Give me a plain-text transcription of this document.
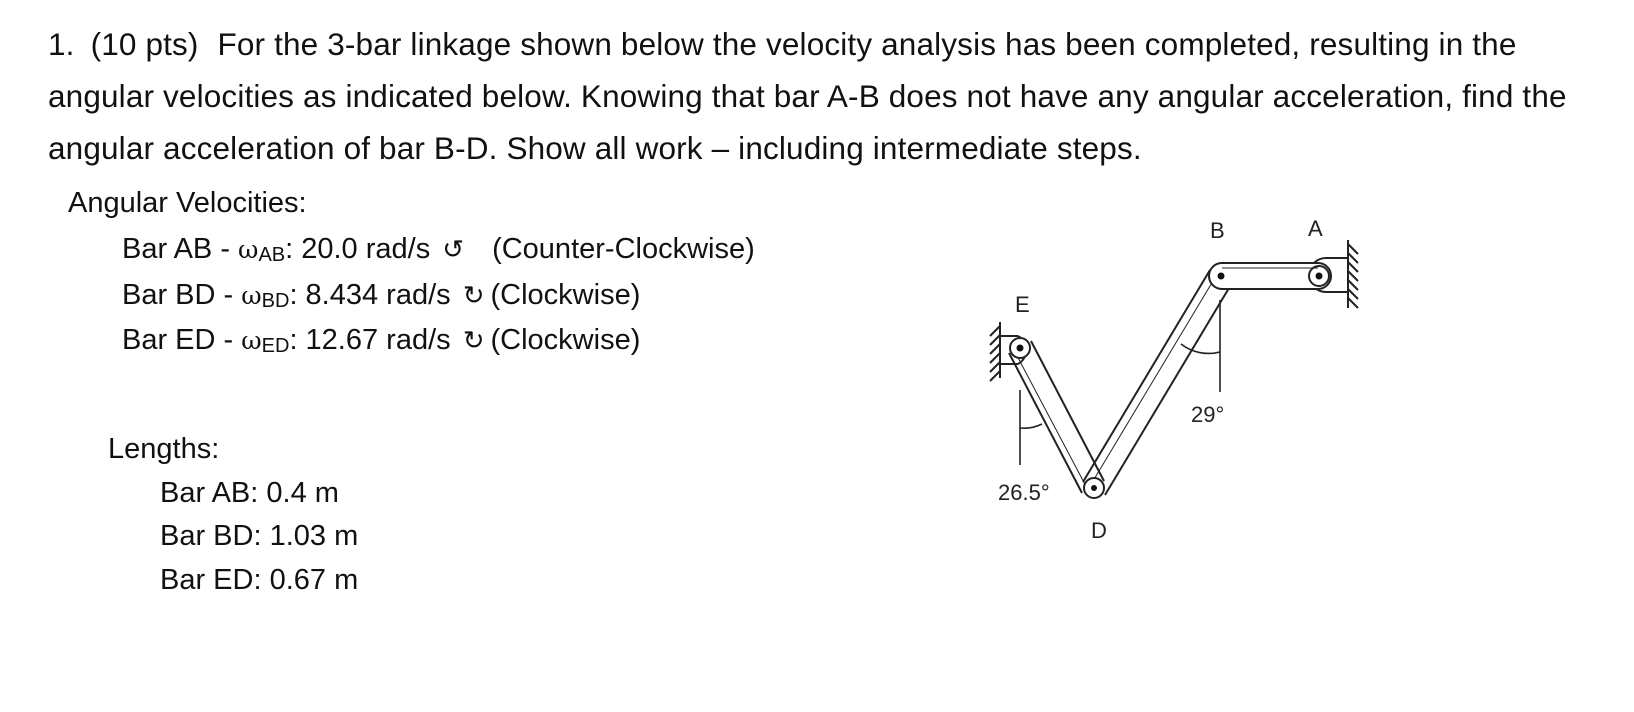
1. (10 pts) For the 3-bar linkage shown below the velocity analysis has been completed, resulting in the angular velocities as indicated below. Knowing that bar A-B does not have any angular acceleration, find the angular acceleration of bar B-D. Show all work – including intermediate steps.
Angular Velocities:
Bar AB - ωAB: 20.0 rad/s ↺ (Counter-Clockwise)
Bar BD - ωBD: 8.434 rad/s ↻ (Clockwise)
Bar ED - ωED: 12.67 rad/s ↻ (Clockwise)
Lengths:
Bar AB: 0.4 m
Bar BD: 1.03 m
Bar ED: 0.67 m
B	A
E
D
29°
26.5°
